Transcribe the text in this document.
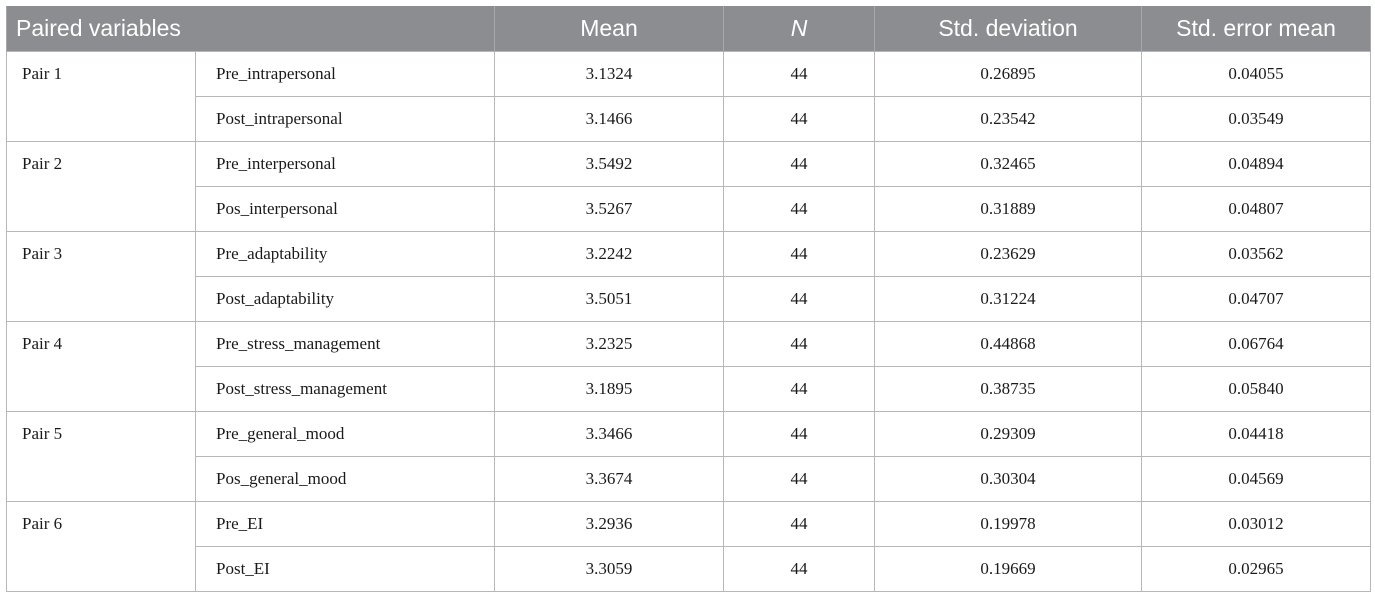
Paired variables		Mean	N	Std. deviation	Std. error mean
Pair 1	Pre_intrapersonal	3.1324	44	0.26895	0.04055
	Post_intrapersonal	3.1466	44	0.23542	0.03549
Pair 2	Pre_interpersonal	3.5492	44	0.32465	0.04894
	Pos_interpersonal	3.5267	44	0.31889	0.04807
Pair 3	Pre_adaptability	3.2242	44	0.23629	0.03562
	Post_adaptability	3.5051	44	0.31224	0.04707
Pair 4	Pre_stress_management	3.2325	44	0.44868	0.06764
	Post_stress_management	3.1895	44	0.38735	0.05840
Pair 5	Pre_general_mood	3.3466	44	0.29309	0.04418
	Pos_general_mood	3.3674	44	0.30304	0.04569
Pair 6	Pre_EI	3.2936	44	0.19978	0.03012
	Post_EI	3.3059	44	0.19669	0.02965
